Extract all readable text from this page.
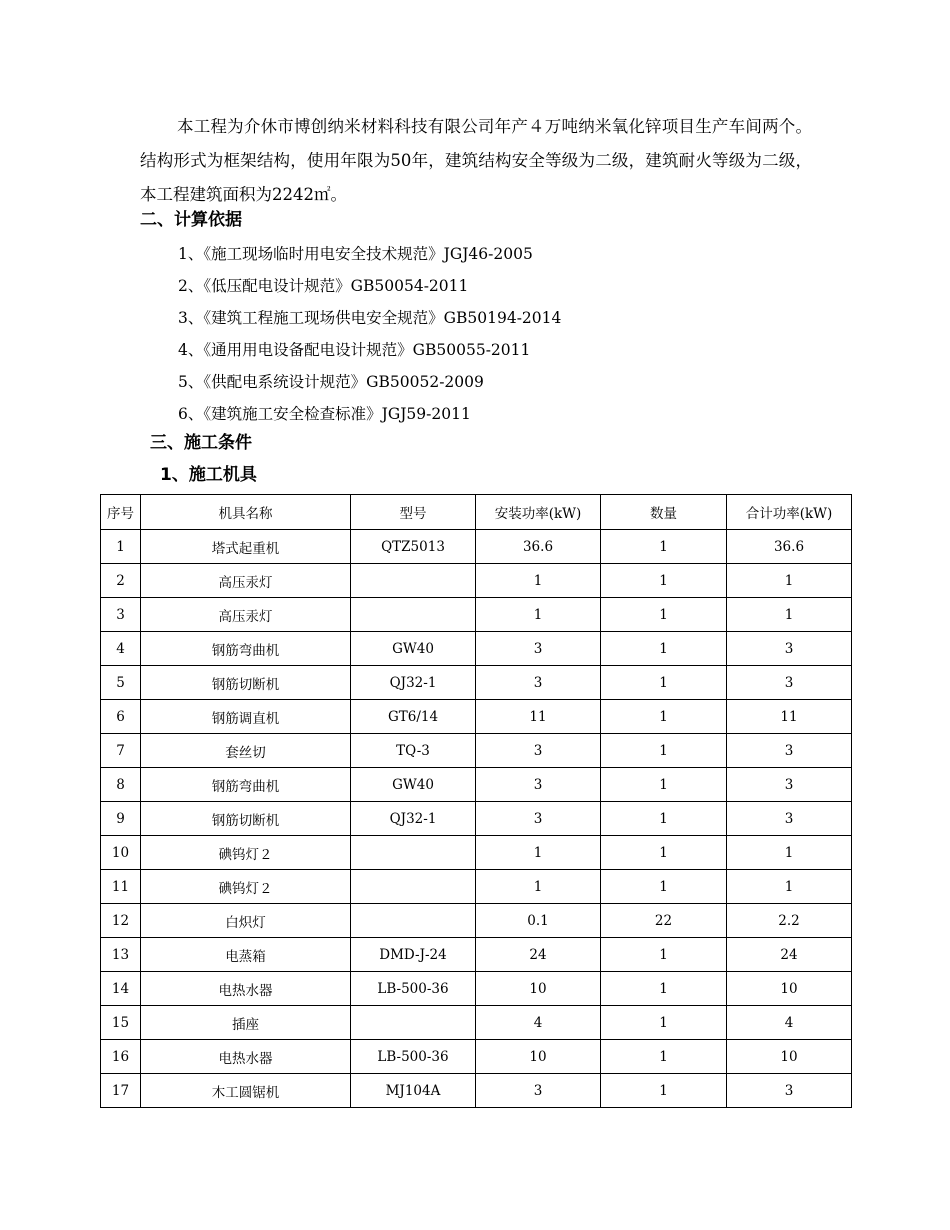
本工程为介休市博创纳米材料科技有限公司年产４万吨纳米氧化锌项目生产车间两个。结构形式为框架结构，使用年限为50年，建筑结构安全等级为二级，建筑耐火等级为二级，本工程建筑面积为2242㎡。

二、计算依据
1、《施工现场临时用电安全技术规范》JGJ46-2005
2、《低压配电设计规范》GB50054-2011
3、《建筑工程施工现场供电安全规范》GB50194-2014
4、《通用用电设备配电设计规范》GB50055-2011
5、《供配电系统设计规范》GB50052-2009
6、《建筑施工安全检查标准》JGJ59-2011
三、施工条件
1、施工机具
序号	机具名称	型号	安装功率(kW)	数量	合计功率(kW)
1	塔式起重机	QTZ5013	36.6	1	36.6
2	高压汞灯		1	1	1
3	高压汞灯		1	1	1
4	钢筋弯曲机	GW40	3	1	3
5	钢筋切断机	QJ32-1	3	1	3
6	钢筋调直机	GT6/14	11	1	11
7	套丝切	TQ-3	3	1	3
8	钢筋弯曲机	GW40	3	1	3
9	钢筋切断机	QJ32-1	3	1	3
10	碘钨灯２		1	1	1
11	碘钨灯２		1	1	1
12	白炽灯		0.1	22	2.2
13	电蒸箱	DMD-J-24	24	1	24
14	电热水器	LB-500-36	10	1	10
15	插座		4	1	4
16	电热水器	LB-500-36	10	1	10
17	木工圆锯机	MJ104A	3	1	3
